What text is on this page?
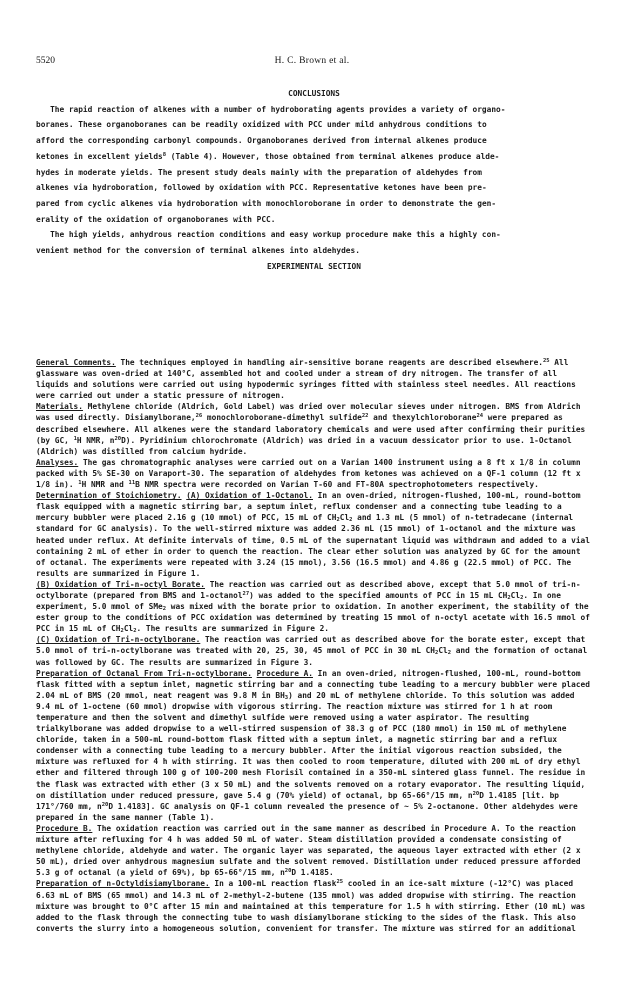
5520	H. C. Brown et al.
CONCLUSIONS
The rapid reaction of alkenes with a number of hydroborating agents provides a variety of organo-
boranes. These organoboranes can be readily oxidized with PCC under mild anhydrous conditions to
afford the corresponding carbonyl compounds. Organoboranes derived from internal alkenes produce
ketones in excellent yields$^8$ (Table 4). However, those obtained from terminal alkenes produce alde-
hydes in moderate yields. The present study deals mainly with the preparation of aldehydes from
alkenes via hydroboration, followed by oxidation with PCC. Representative ketones have been pre-
pared from cyclic alkenes via hydroboration with monochloroborane in order to demonstrate the gen-
erality of the oxidation of organoboranes with PCC.
The high yields, anhydrous reaction conditions and easy workup procedure make this a highly con-
venient method for the conversion of terminal alkenes into aldehydes.
EXPERIMENTAL SECTION

General Comments. The techniques employed in handling air-sensitive borane reagents are described elsewhere.$^{25}$ All glassware was oven-dried at 140°C, assembled hot and cooled under a stream of dry nitrogen. The transfer of all liquids and solutions were carried out using hypodermic syringes fitted with stainless steel needles. All reactions were carried out under a static pressure of nitrogen.

Materials. Methylene chloride (Aldrich, Gold Label) was dried over molecular sieves under nitrogen. BMS from Aldrich was used directly. Disiamylborane,$^{26}$ monochloroborane-dimethyl sulfide$^{22}$ and thexylchloroborane$^{24}$ were prepared as described elsewhere. All alkenes were the standard laboratory chemicals and were used after confirming their purities (by GC, $^1$H NMR, $n^{20}D$). Pyridinium chlorochromate (Aldrich) was dried in a vacuum dessicator prior to use. 1-Octanol (Aldrich) was distilled from calcium hydride.

Analyses. The gas chromatographic analyses were carried out on a Varian 1400 instrument using a 8 ft x 1/8 in column packed with 5% SE-30 on Varaport-30. The separation of aldehydes from ketones was achieved on a QF-1 column (12 ft x 1/8 in). $^1$H NMR and $^{11}$B NMR spectra were recorded on Varian T-60 and FT-80A spectrophotometers respectively.

Determination of Stoichiometry. (A) Oxidation of 1-Octanol. In an oven-dried, nitrogen-flushed, 100-mL, round-bottom flask equipped with a magnetic stirring bar, a septum inlet, reflux condenser and a connecting tube leading to a mercury bubbler were placed 2.16 g (10 mmol) of PCC, 15 mL of $CH_2Cl_2$ and 1.3 mL (5 mmol) of n-tetradecane (internal standard for GC analysis). To the well-stirred mixture was added 2.36 mL (15 mmol) of 1-octanol and the mixture was heated under reflux. At definite intervals of time, 0.5 mL of the supernatant liquid was withdrawn and added to a vial containing 2 mL of ether in order to quench the reaction. The clear ether solution was analyzed by GC for the amount of octanal. The experiments were repeated with 3.24 (15 mmol), 3.56 (16.5 mmol) and 4.86 g (22.5 mmol) of PCC. The results are summarized in Figure 1.

(B) Oxidation of Tri-n-octyl Borate. The reaction was carried out as described above, except that 5.0 mmol of tri-n-octylborate (prepared from BMS and 1-octanol$^{27}$) was added to the specified amounts of PCC in 15 mL $CH_2Cl_2$. In one experiment, 5.0 mmol of SMe$_2$ was mixed with the borate prior to oxidation. In another experiment, the stability of the ester group to the conditions of PCC oxidation was determined by treating 15 mmol of n-octyl acetate with 16.5 mmol of PCC in 15 mL of $CH_2Cl_2$. The results are summarized in Figure 2.

(C) Oxidation of Tri-n-octylborane. The reaction was carried out as described above for the borate ester, except that 5.0 mmol of tri-n-octylborane was treated with 20, 25, 30, 45 mmol of PCC in 30 mL $CH_2Cl_2$ and the formation of octanal was followed by GC. The results are summarized in Figure 3.

Preparation of Octanal From Tri-n-octylborane. Procedure A. In an oven-dried, nitrogen-flushed, 100-mL, round-bottom flask fitted with a septum inlet, magnetic stirring bar and a connecting tube leading to a mercury bubbler were placed 2.04 mL of BMS (20 mmol, neat reagent was 9.8 M in $BH_3$) and 20 mL of methylene chloride. To this solution was added 9.4 mL of 1-octene (60 mmol) dropwise with vigorous stirring. The reaction mixture was stirred for 1 h at room temperature and then the solvent and dimethyl sulfide were removed using a water aspirator. The resulting trialkylborane was added dropwise to a well-stirred suspension of 38.3 g of PCC (180 mmol) in 150 mL of methylene chloride, taken in a 500-mL round-bottom flask fitted with a septum inlet, a magnetic stirring bar and a reflux condenser with a connecting tube leading to a mercury bubbler. After the initial vigorous reaction subsided, the mixture was refluxed for 4 h with stirring. It was then cooled to room temperature, diluted with 200 mL of dry ethyl ether and filtered through 100 g of 100-200 mesh Florisil contained in a 350-mL sintered glass funnel. The residue in the flask was extracted with ether (3 x 50 mL) and the solvents removed on a rotary evaporator. The resulting liquid, on distillation under reduced pressure, gave 5.4 g (70% yield) of octanal, bp 65-66°/15 mm, $n^{20}D$ 1.4185 [lit. bp 171°/760 mm, $n^{20}D$ 1.4183]. GC analysis on QF-1 column revealed the presence of ~ 5% 2-octanone. Other aldehydes were prepared in the same manner (Table 1).

Procedure B. The oxidation reaction was carried out in the same manner as described in Procedure A. To the reaction mixture after refluxing for 4 h was added 50 mL of water. Steam distillation provided a condensate consisting of methylene chloride, aldehyde and water. The organic layer was separated, the aqueous layer extracted with ether (2 x 50 mL), dried over anhydrous magnesium sulfate and the solvent removed. Distillation under reduced pressure afforded 5.3 g of octanal (a yield of 69%), bp 65-66°/15 mm, $n^{20}D$ 1.4185.

Preparation of n-Octyldisiamylborane. In a 100-mL reaction flask$^{25}$ cooled in an ice-salt mixture (-12°C) was placed 6.63 mL of BMS (65 mmol) and 14.3 mL of 2-methyl-2-butene (135 mmol) was added dropwise with stirring. The reaction mixture was brought to 0°C after 15 min and maintained at this temperature for 1.5 h with stirring. Ether (10 mL) was added to the flask through the connecting tube to wash disiamylborane sticking to the sides of the flask. This also converts the slurry into a homogeneous solution, convenient for transfer. The mixture was stirred for an additional
